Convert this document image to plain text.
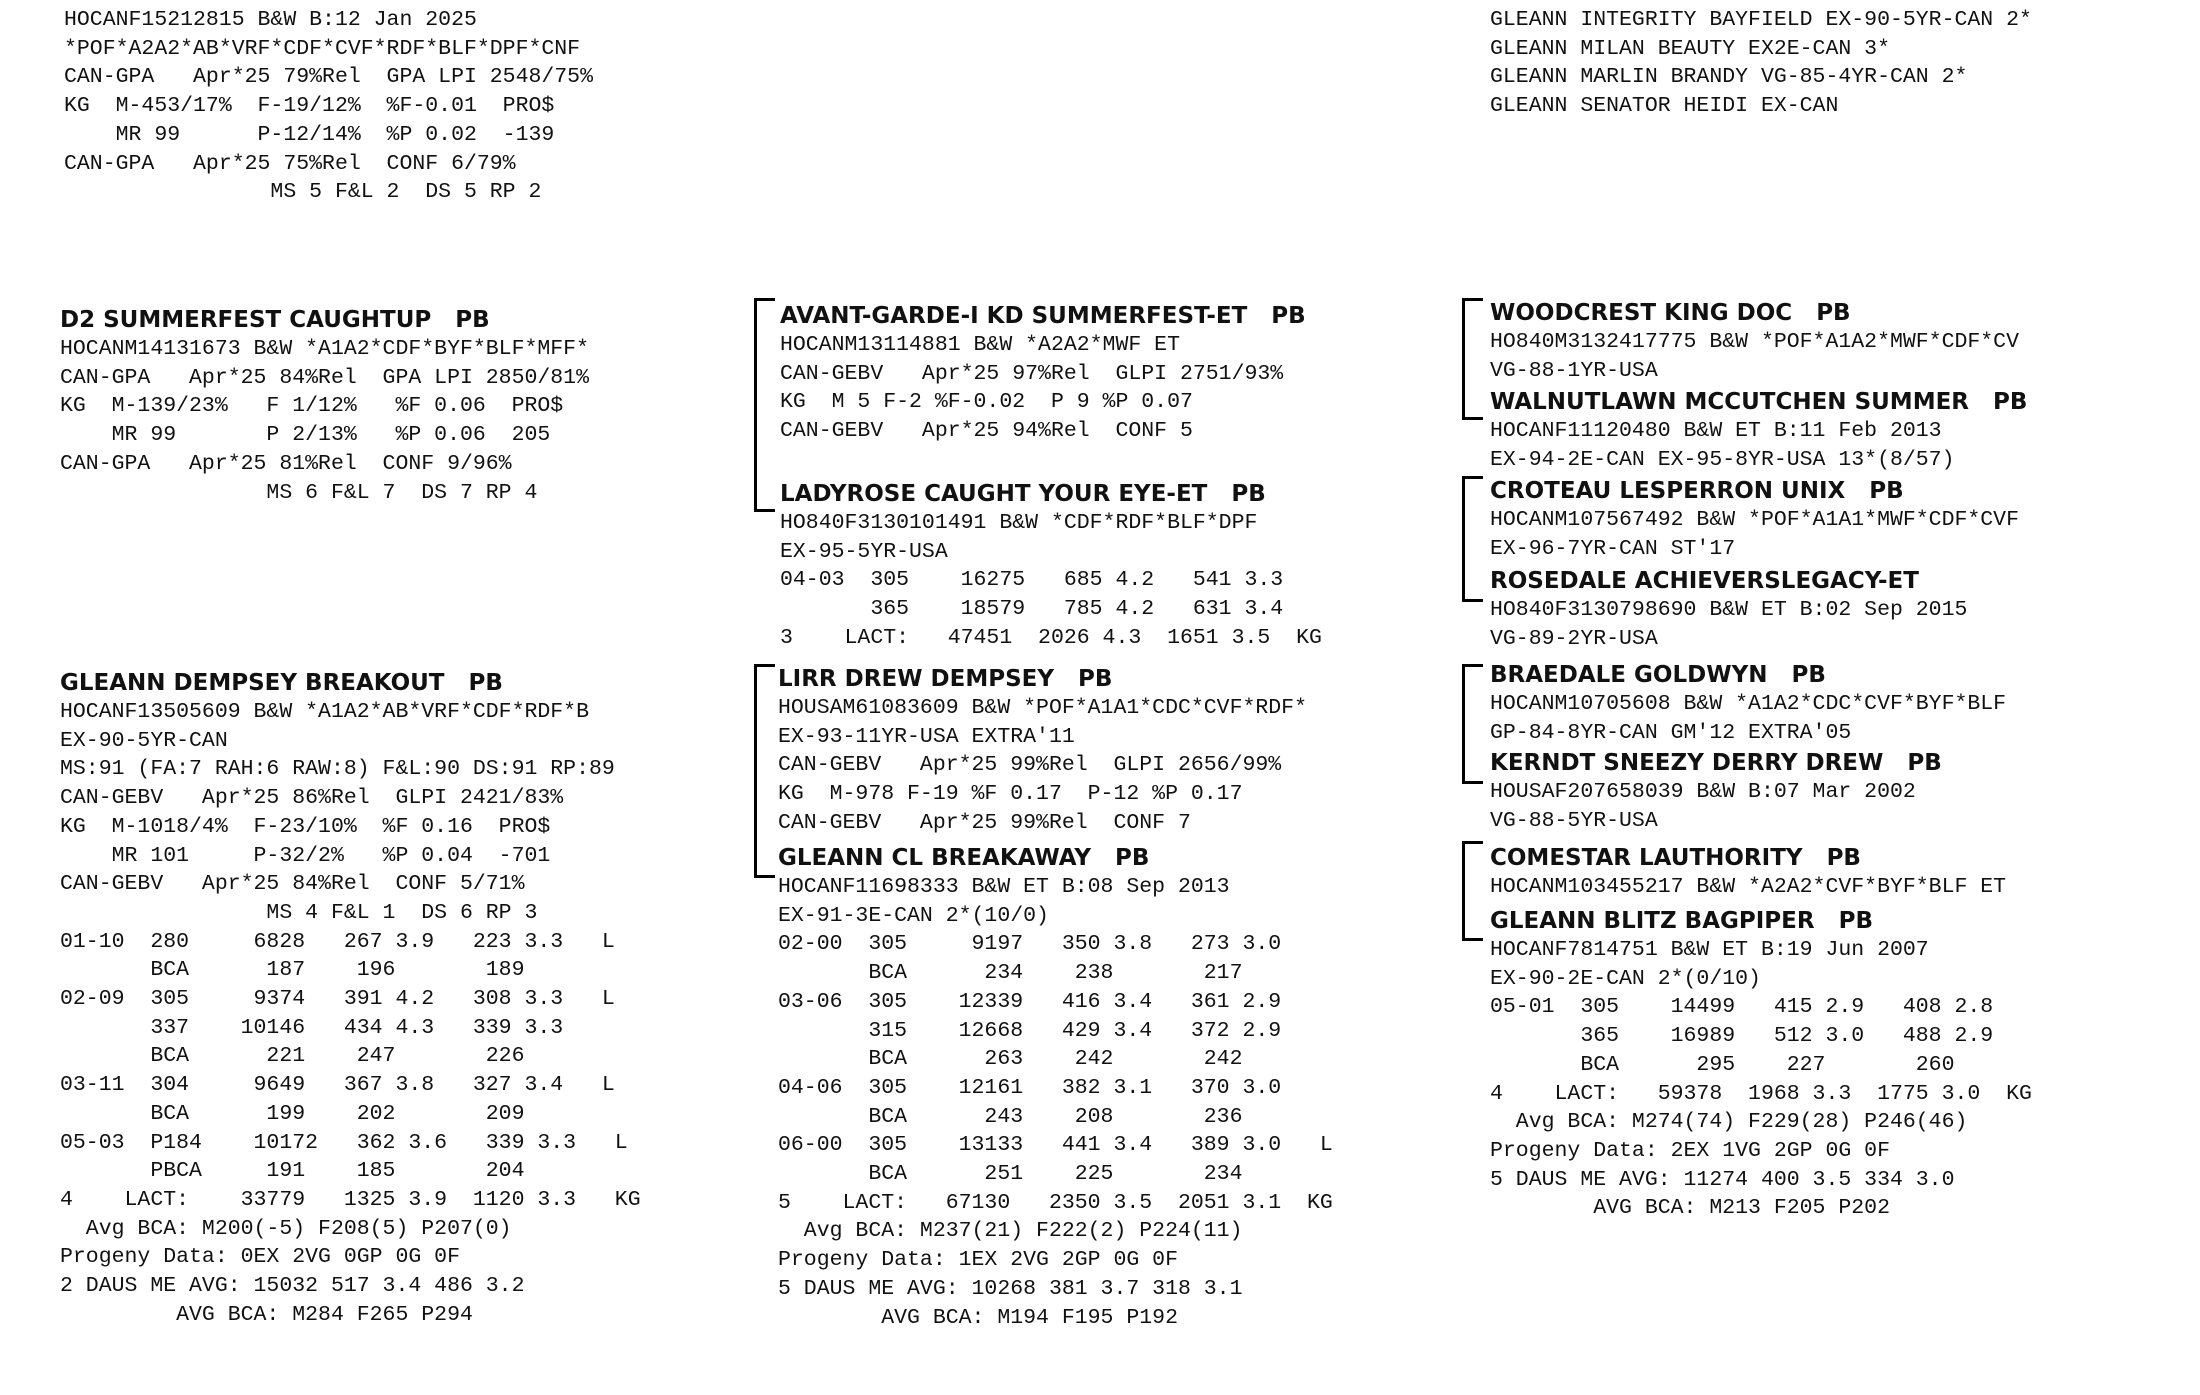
HOCANF15212815 B&W B:12 Jan 2025
*POF*A2A2*AB*VRF*CDF*CVF*RDF*BLF*DPF*CNF
CAN-GPA   Apr*25 79%Rel  GPA LPI 2548/75%
KG  M-453/17%  F-19/12%  %F-0.01  PRO$
MR 99      P-12/14%  %P 0.02  -139
CAN-GPA   Apr*25 75%Rel  CONF 6/79%
MS 5 F&L 2  DS 5 RP 2
GLEANN INTEGRITY BAYFIELD EX-90-5YR-CAN 2*
GLEANN MILAN BEAUTY EX2E-CAN 3*
GLEANN MARLIN BRANDY VG-85-4YR-CAN 2*
GLEANN SENATOR HEIDI EX-CAN
D2 SUMMERFEST CAUGHTUP   PB
HOCANM14131673 B&W *A1A2*CDF*BYF*BLF*MFF*
CAN-GPA   Apr*25 84%Rel  GPA LPI 2850/81%
KG  M-139/23%   F 1/12%   %F 0.06  PRO$
MR 99       P 2/13%   %P 0.06  205
CAN-GPA   Apr*25 81%Rel  CONF 9/96%
MS 6 F&L 7  DS 7 RP 4
GLEANN DEMPSEY BREAKOUT   PB
HOCANF13505609 B&W *A1A2*AB*VRF*CDF*RDF*B
EX-90-5YR-CAN
MS:91 (FA:7 RAH:6 RAW:8) F&L:90 DS:91 RP:89
CAN-GEBV   Apr*25 86%Rel  GLPI 2421/83%
KG  M-1018/4%  F-23/10%  %F 0.16  PRO$
MR 101     P-32/2%   %P 0.04  -701
CAN-GEBV   Apr*25 84%Rel  CONF 5/71%
MS 4 F&L 1  DS 6 RP 3
01-10  280     6828   267 3.9   223 3.3   L
BCA      187    196       189
02-09  305     9374   391 4.2   308 3.3   L
337    10146   434 4.3   339 3.3
BCA      221    247       226
03-11  304     9649   367 3.8   327 3.4   L
BCA      199    202       209
05-03  P184    10172   362 3.6   339 3.3   L
PBCA     191    185       204
4    LACT:    33779   1325 3.9  1120 3.3   KG
Avg BCA: M200(-5) F208(5) P207(0)
Progeny Data: 0EX 2VG 0GP 0G 0F
2 DAUS ME AVG: 15032 517 3.4 486 3.2
AVG BCA: M284 F265 P294
AVANT-GARDE-I KD SUMMERFEST-ET   PB
HOCANM13114881 B&W *A2A2*MWF ET
CAN-GEBV   Apr*25 97%Rel  GLPI 2751/93%
KG  M 5 F-2 %F-0.02  P 9 %P 0.07
CAN-GEBV   Apr*25 94%Rel  CONF 5
LADYROSE CAUGHT YOUR EYE-ET   PB
HO840F3130101491 B&W *CDF*RDF*BLF*DPF
EX-95-5YR-USA
04-03  305    16275   685 4.2   541 3.3
365    18579   785 4.2   631 3.4
3    LACT:   47451  2026 4.3  1651 3.5  KG
LIRR DREW DEMPSEY   PB
HOUSAM61083609 B&W *POF*A1A1*CDC*CVF*RDF*
EX-93-11YR-USA EXTRA'11
CAN-GEBV   Apr*25 99%Rel  GLPI 2656/99%
KG  M-978 F-19 %F 0.17  P-12 %P 0.17
CAN-GEBV   Apr*25 99%Rel  CONF 7
GLEANN CL BREAKAWAY   PB
HOCANF11698333 B&W ET B:08 Sep 2013
EX-91-3E-CAN 2*(10/0)
02-00  305     9197   350 3.8   273 3.0
BCA      234    238       217
03-06  305    12339   416 3.4   361 2.9
315    12668   429 3.4   372 2.9
BCA      263    242       242
04-06  305    12161   382 3.1   370 3.0
BCA      243    208       236
06-00  305    13133   441 3.4   389 3.0   L
BCA      251    225       234
5    LACT:   67130   2350 3.5  2051 3.1  KG
Avg BCA: M237(21) F222(2) P224(11)
Progeny Data: 1EX 2VG 2GP 0G 0F
5 DAUS ME AVG: 10268 381 3.7 318 3.1
AVG BCA: M194 F195 P192
WOODCREST KING DOC   PB
HO840M3132417775 B&W *POF*A1A2*MWF*CDF*CV
VG-88-1YR-USA
WALNUTLAWN MCCUTCHEN SUMMER   PB
HOCANF11120480 B&W ET B:11 Feb 2013
EX-94-2E-CAN EX-95-8YR-USA 13*(8/57)
CROTEAU LESPERRON UNIX   PB
HOCANM107567492 B&W *POF*A1A1*MWF*CDF*CVF
EX-96-7YR-CAN ST'17
ROSEDALE ACHIEVERSLEGACY-ET
HO840F3130798690 B&W ET B:02 Sep 2015
VG-89-2YR-USA
BRAEDALE GOLDWYN   PB
HOCANM10705608 B&W *A1A2*CDC*CVF*BYF*BLF
GP-84-8YR-CAN GM'12 EXTRA'05
KERNDT SNEEZY DERRY DREW   PB
HOUSAF207658039 B&W B:07 Mar 2002
VG-88-5YR-USA
COMESTAR LAUTHORITY   PB
HOCANM103455217 B&W *A2A2*CVF*BYF*BLF ET
GLEANN BLITZ BAGPIPER   PB
HOCANF7814751 B&W ET B:19 Jun 2007
EX-90-2E-CAN 2*(0/10)
05-01  305    14499   415 2.9   408 2.8
365    16989   512 3.0   488 2.9
BCA      295    227       260
4    LACT:   59378  1968 3.3  1775 3.0  KG
Avg BCA: M274(74) F229(28) P246(46)
Progeny Data: 2EX 1VG 2GP 0G 0F
5 DAUS ME AVG: 11274 400 3.5 334 3.0
AVG BCA: M213 F205 P202
